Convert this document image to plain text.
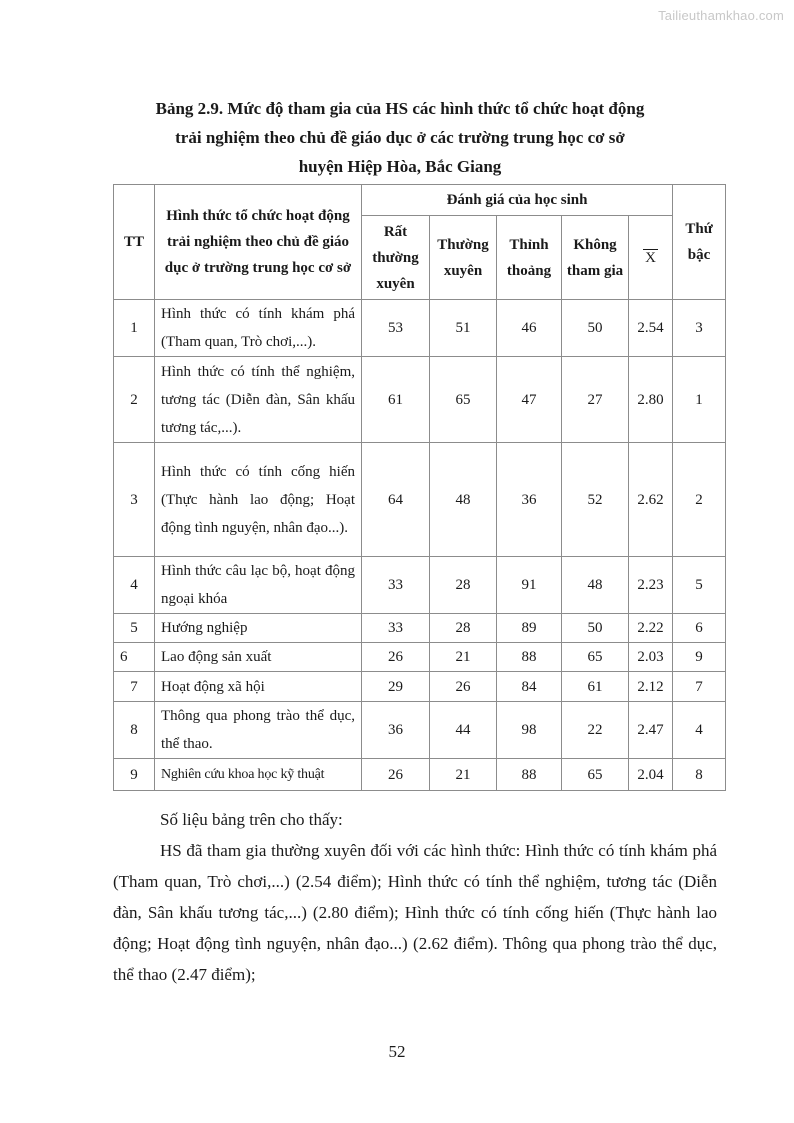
Tailieuthamkhao.com
Bảng 2.9. Mức độ tham gia của HS các hình thức tổ chức hoạt động
trải nghiệm theo chủ đề giáo dục ở các trường trung học cơ sở
huyện Hiệp Hòa, Bắc Giang
TT	Hình thức tổ chức hoạt động trải nghiệm theo chủ đề giáo dục ở trường trung học cơ sở	Đánh giá của học sinh					Thứ bậc
		Rất thường xuyên	Thường xuyên	Thỉnh thoảng	Không tham gia	X	
1	Hình thức có tính khám phá (Tham quan, Trò chơi,...).	53	51	46	50	2.54	3
2	Hình thức có tính thể nghiệm, tương tác (Diễn đàn, Sân khấu tương tác,...).	61	65	47	27	2.80	1
3	Hình thức có tính cống hiến (Thực hành lao động; Hoạt động tình nguyện, nhân đạo...).	64	48	36	52	2.62	2
4	Hình thức câu lạc bộ, hoạt động ngoại khóa	33	28	91	48	2.23	5
5	Hướng nghiệp	33	28	89	50	2.22	6
6	Lao động sản xuất	26	21	88	65	2.03	9
7	Hoạt động xã hội	29	26	84	61	2.12	7
8	Thông qua phong trào thể dục, thể thao.	36	44	98	22	2.47	4
9	Nghiên cứu khoa học kỹ thuật	26	21	88	65	2.04	8

Số liệu bảng trên cho thấy:

HS đã tham gia thường xuyên đối với các hình thức: Hình thức có tính khám phá (Tham quan, Trò chơi,...) (2.54 điểm); Hình thức có tính thể nghiệm, tương tác (Diễn đàn, Sân khấu tương tác,...) (2.80 điểm); Hình thức có tính cống hiến (Thực hành lao động; Hoạt động tình nguyện, nhân đạo...) (2.62 điểm). Thông qua phong trào thể dục, thể thao (2.47 điểm);

52
